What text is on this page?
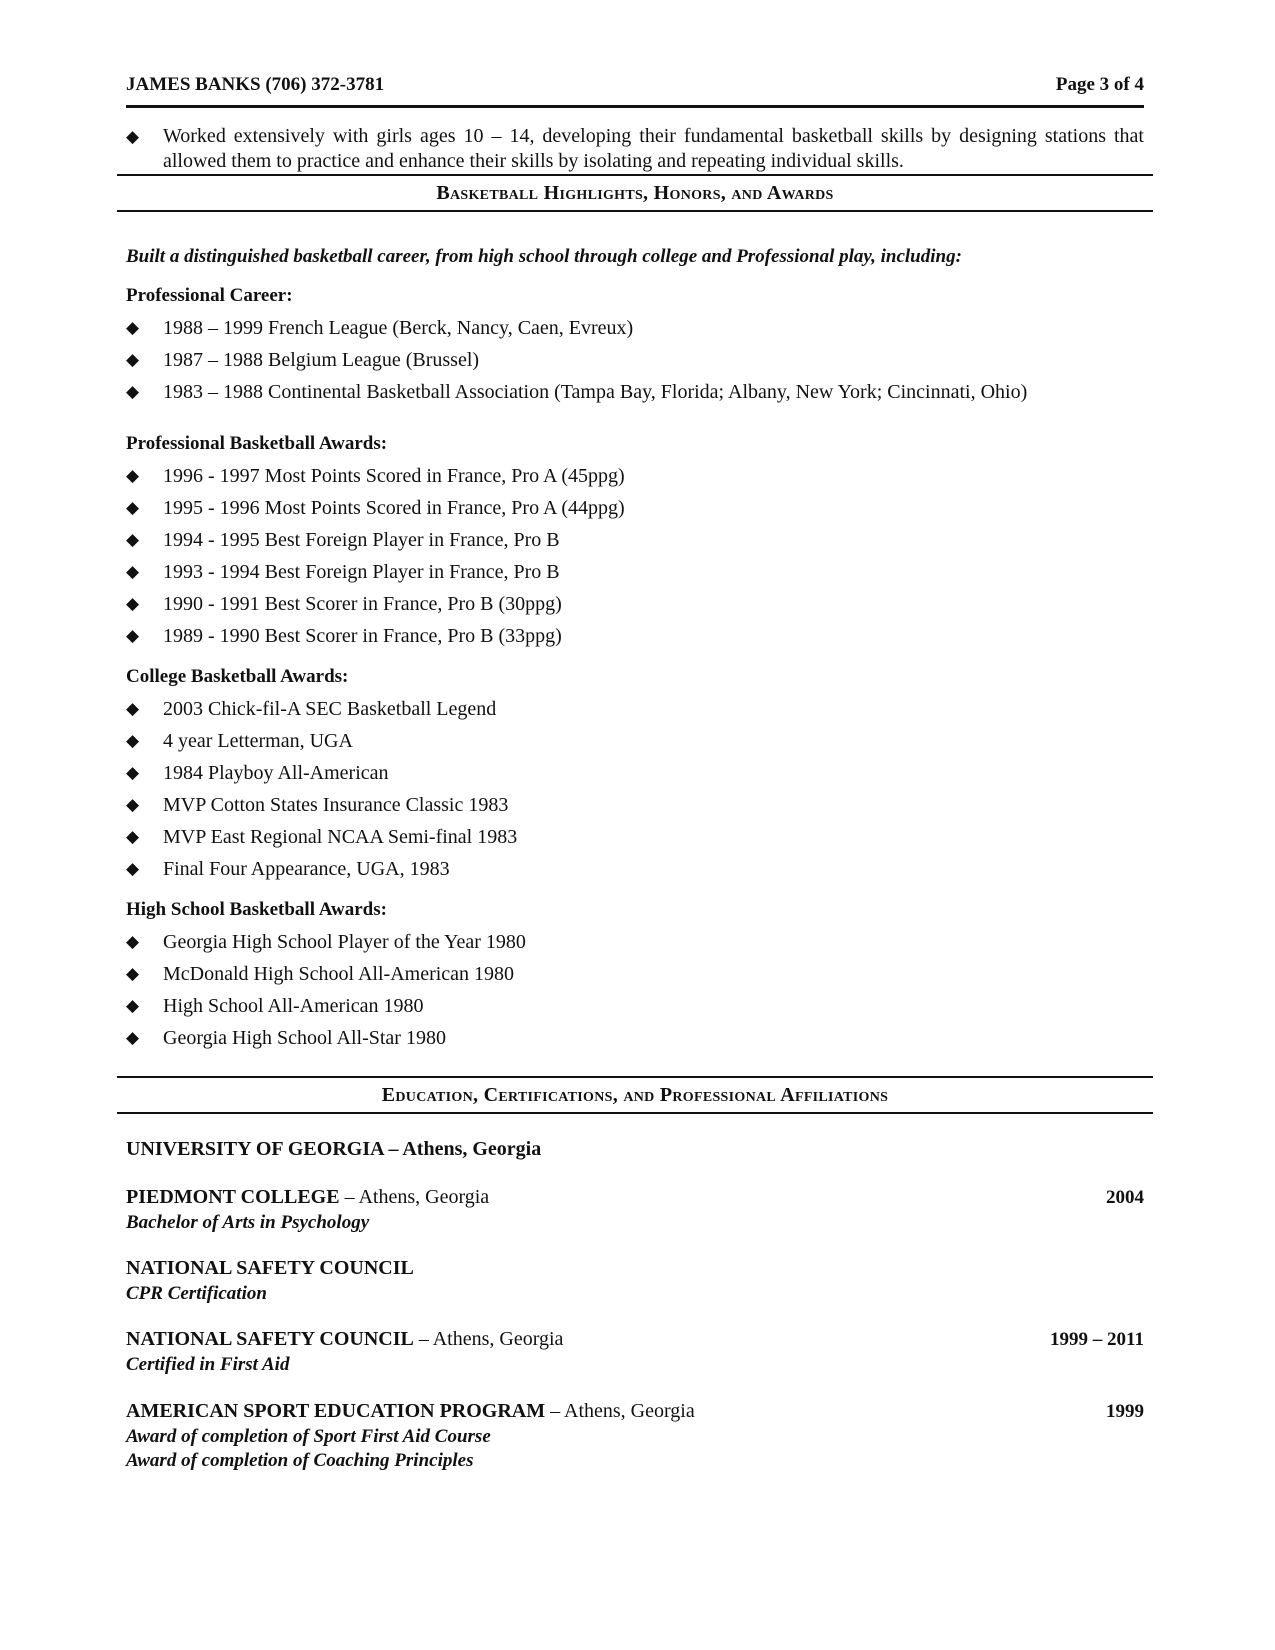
JAMES BANKS (706) 372-3781	Page 3 of 4
◆	Worked extensively with girls ages 10 – 14, developing their fundamental basketball skills by designing stations that allowed them to practice and enhance their skills by isolating and repeating individual skills.
Basketball Highlights, Honors, and Awards
Built a distinguished basketball career, from high school through college and Professional play, including:
Professional Career:
◆	1988 – 1999 French League (Berck, Nancy, Caen, Evreux)
◆	1987 – 1988 Belgium League (Brussel)
◆	1983 – 1988 Continental Basketball Association (Tampa Bay, Florida; Albany, New York; Cincinnati, Ohio)
Professional Basketball Awards:
◆	1996 - 1997 Most Points Scored in France, Pro A (45ppg)
◆	1995 - 1996 Most Points Scored in France, Pro A (44ppg)
◆	1994 - 1995 Best Foreign Player in France, Pro B
◆	1993 - 1994 Best Foreign Player in France, Pro B
◆	1990 - 1991 Best Scorer in France, Pro B (30ppg)
◆	1989 - 1990 Best Scorer in France, Pro B (33ppg)
College Basketball Awards:
◆	2003 Chick-fil-A SEC Basketball Legend
◆	4 year Letterman, UGA
◆	1984 Playboy All-American
◆	MVP Cotton States Insurance Classic 1983
◆	MVP East Regional NCAA Semi-final 1983
◆	Final Four Appearance, UGA, 1983
High School Basketball Awards:
◆	Georgia High School Player of the Year 1980
◆	McDonald High School All-American 1980
◆	High School All-American 1980
◆	Georgia High School All-Star 1980
Education, Certifications, and Professional Affiliations
UNIVERSITY OF GEORGIA – Athens, Georgia
PIEDMONT COLLEGE – Athens, Georgia	2004
Bachelor of Arts in Psychology
NATIONAL SAFETY COUNCIL
CPR Certification
NATIONAL SAFETY COUNCIL – Athens, Georgia	1999 – 2011
Certified in First Aid
AMERICAN SPORT EDUCATION PROGRAM – Athens, Georgia	1999
Award of completion of Sport First Aid Course
Award of completion of Coaching Principles
